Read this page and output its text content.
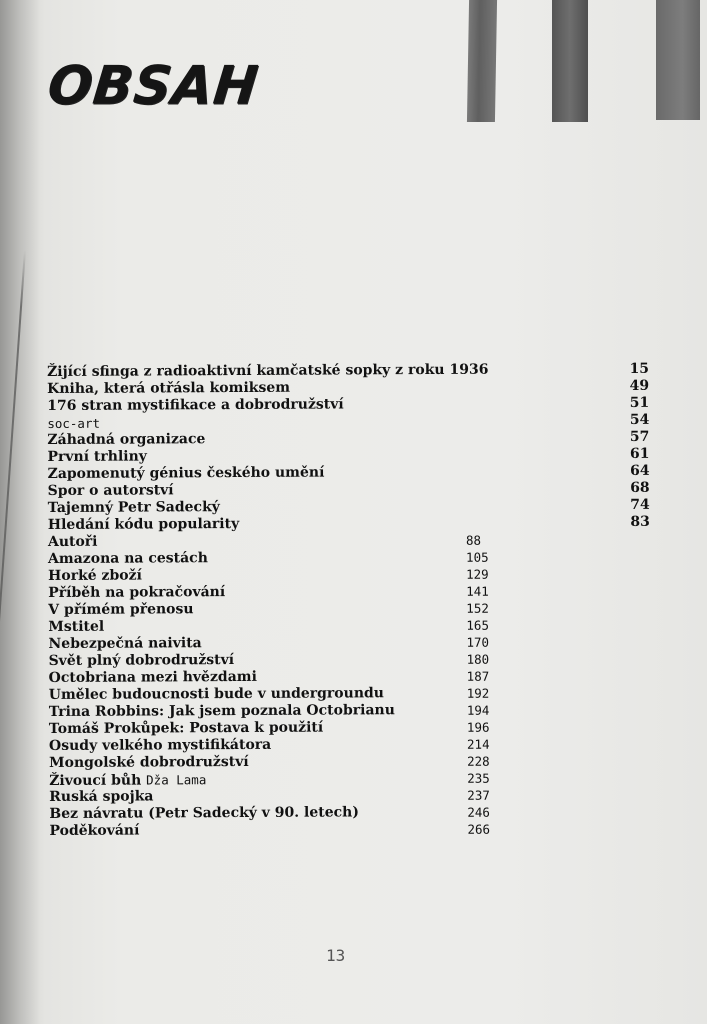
OBSAH
Žijící sfinga z radioaktivní kamčatské sopky z roku 1936	15
Kniha, která otřásla komiksem	49
176 stran mystifikace a dobrodružství	51
soc-art	54
Záhadná organizace	57
První trhliny	61
Zapomenutý génius českého umění	64
Spor o autorství	68
Tajemný Petr Sadecký	74
Hledání kódu popularity	83
Autoři	88
Amazona na cestách	105
Horké zboží	129
Příběh na pokračování	141
V přímém přenosu	152
Mstitel	165
Nebezpečná naivita	170
Svět plný dobrodružství	180
Octobriana mezi hvězdami	187
Umělec budoucnosti bude v undergroundu	192
Trina Robbins: Jak jsem poznala Octobrianu	194
Tomáš Prokůpek: Postava k použití	196
Osudy velkého mystifikátora	214
Mongolské dobrodružství	228
Živoucí bůh Dža Lama	235
Ruská spojka	237
Bez návratu (Petr Sadecký v 90. letech)	246
Poděkování	266
13
